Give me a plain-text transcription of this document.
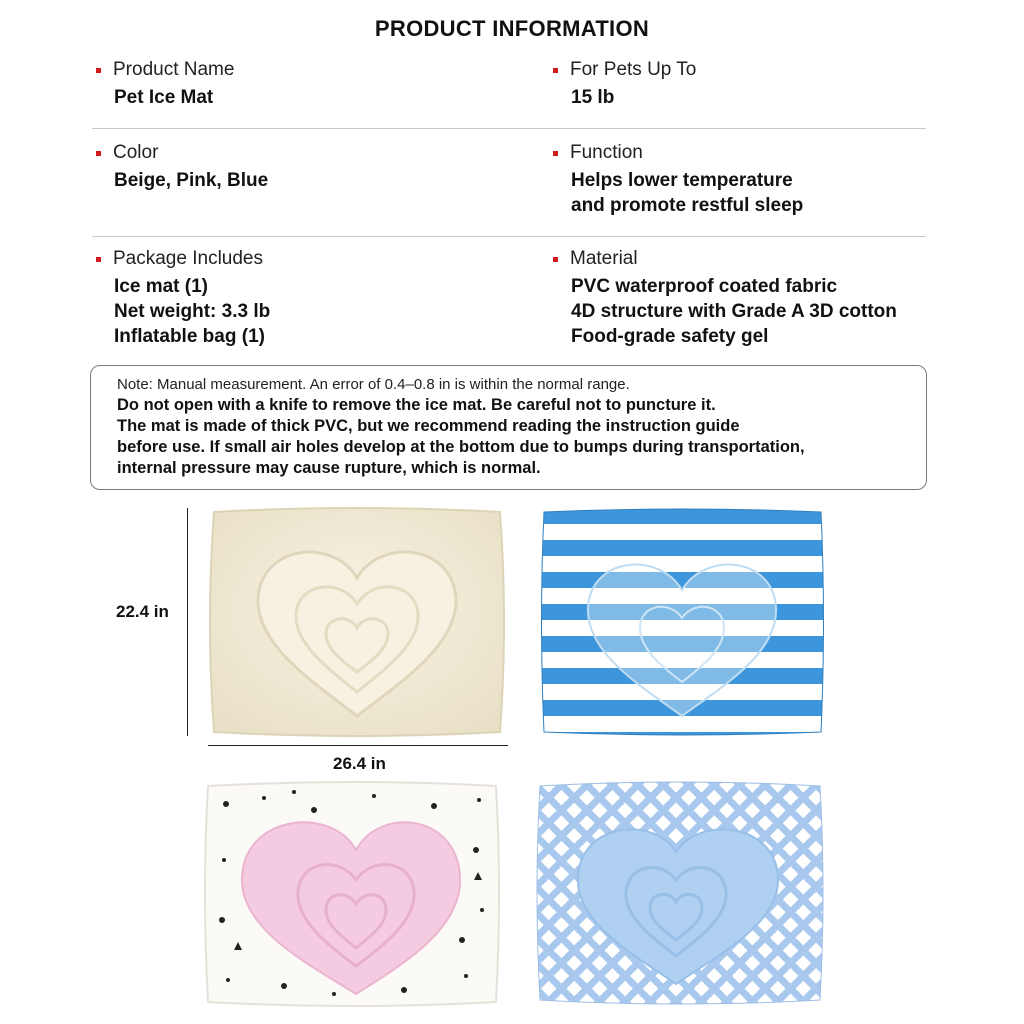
PRODUCT INFORMATION
Product Name
Pet Ice Mat
For Pets Up To
15 lb
Color
Beige, Pink, Blue
Function
Helps lower temperature
and promote restful sleep
Package Includes
Ice mat (1)
Net weight: 3.3 lb
Inflatable bag (1)
Material
PVC waterproof coated fabric
4D structure with Grade A 3D cotton
Food-grade safety gel
Note: Manual measurement. An error of 0.4–0.8 in is within the normal range.
Do not open with a knife to remove the ice mat. Be careful not to puncture it.
The mat is made of thick PVC, but we recommend reading the instruction guide
before use. If small air holes develop at the bottom due to bumps during transportation,
internal pressure may cause rupture, which is normal.
22.4 in
26.4 in
